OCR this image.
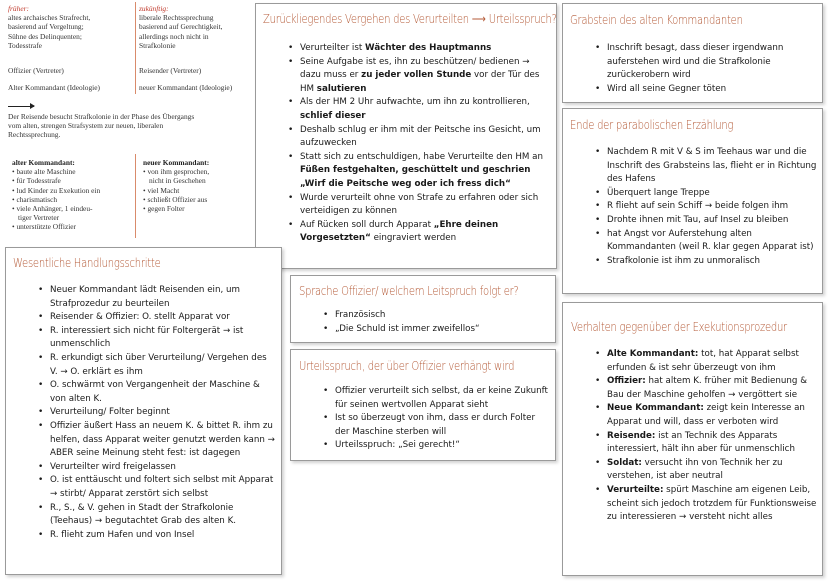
früher:
altes archaisches Strafrecht,
basierend auf Vergeltung;
Sühne des Delinquenten;
Todesstrafe
zukünftig:
liberale Rechtssprechung
basierend auf Gerechtigkeit,
allerdings noch nicht in
Strafkolonie
Offizier (Vertreter)	Reisender (Vertreter)
Alter Kommandant (Ideologie)	neuer Kommandant (Ideologie)
Der Reisende besucht Strafkolonie in der Phase des Übergangs
vom alten, strengen Strafsystem zur neuen, liberalen
Rechtssprechung.
alter Kommandant:
• baute alte Maschine
• für Todesstrafe
• lud Kinder zu Exekution ein
• charismatisch
• viele Anhänger, 1 eindeu-
tiger Vertreter
• unterstützte Offizier
neuer Kommandant:
• von ihm gesprochen,
nicht in Geschehen
• viel Macht
• schließt Offizier aus
• gegen Folter
Zurückliegendes Vergehen des Verurteilten ⟶ Urteilsspruch?
• Verurteilter ist Wächter des Hauptmanns
• Seine Aufgabe ist es, ihn zu beschützen/ bedienen → dazu muss er zu jeder vollen Stunde vor der Tür des HM salutieren
• Als der HM 2 Uhr aufwachte, um ihn zu kontrollieren, schlief dieser
• Deshalb schlug er ihm mit der Peitsche ins Gesicht, um aufzuwecken
• Statt sich zu entschuldigen, habe Verurteilte den HM an Füßen festgehalten, geschüttelt und geschrien „Wirf die Peitsche weg oder ich fress dich“
• Wurde verurteilt ohne von Strafe zu erfahren oder sich verteidigen zu können
• Auf Rücken soll durch Apparat „Ehre deinen Vorgesetzten“ eingraviert werden
Grabstein des alten Kommandanten
• Inschrift besagt, dass dieser irgendwann auferstehen wird und die Strafkolonie zurückerobern wird
• Wird all seine Gegner töten
Ende der parabolischen Erzählung
• Nachdem R mit V & S im Teehaus war und die Inschrift des Grabsteins las, flieht er in Richtung des Hafens
• Überquert lange Treppe
• R flieht auf sein Schiff → beide folgen ihm
• Drohte ihnen mit Tau, auf Insel zu bleiben
• hat Angst vor Auferstehung alten Kommandanten (weil R. klar gegen Apparat ist)
• Strafkolonie ist ihm zu unmoralisch
Wesentliche Handlungsschritte
• Neuer Kommandant lädt Reisenden ein, um Strafprozedur zu beurteilen
• Reisender & Offizier: O. stellt Apparat vor
• R. interessiert sich nicht für Foltergerät → ist unmenschlich
• R. erkundigt sich über Verurteilung/ Vergehen des V. → O. erklärt es ihm
• O. schwärmt von Vergangenheit der Maschine & von alten K.
• Verurteilung/ Folter beginnt
• Offizier äußert Hass an neuem K. & bittet R. ihm zu helfen, dass Apparat weiter genutzt werden kann → ABER seine Meinung steht fest: ist dagegen
• Verurteilter wird freigelassen
• O. ist enttäuscht und foltert sich selbst mit Apparat → stirbt/ Apparat zerstört sich selbst
• R., S., & V. gehen in Stadt der Strafkolonie (Teehaus) → begutachtet Grab des alten K.
• R. flieht zum Hafen und von Insel
Sprache Offizier/ welchem Leitspruch folgt er?
• Französisch
• „Die Schuld ist immer zweifellos“
Urteilsspruch, der über Offizier verhängt wird
• Offizier verurteilt sich selbst, da er keine Zukunft für seinen wertvollen Apparat sieht
• Ist so überzeugt von ihm, dass er durch Folter der Maschine sterben will
• Urteilsspruch: „Sei gerecht!“
Verhalten gegenüber der Exekutionsprozedur
• Alte Kommandant: tot, hat Apparat selbst erfunden & ist sehr überzeugt von ihm
• Offizier: hat altem K. früher mit Bedienung & Bau der Maschine geholfen → vergöttert sie
• Neue Kommandant: zeigt kein Interesse an Apparat und will, dass er verboten wird
• Reisende: ist an Technik des Apparats interessiert, hält ihn aber für unmenschlich
• Soldat: versucht ihn von Technik her zu verstehen, ist aber neutral
• Verurteilte: spürt Maschine am eigenen Leib, scheint sich jedoch trotzdem für Funktionsweise zu interessieren → versteht nicht alles
